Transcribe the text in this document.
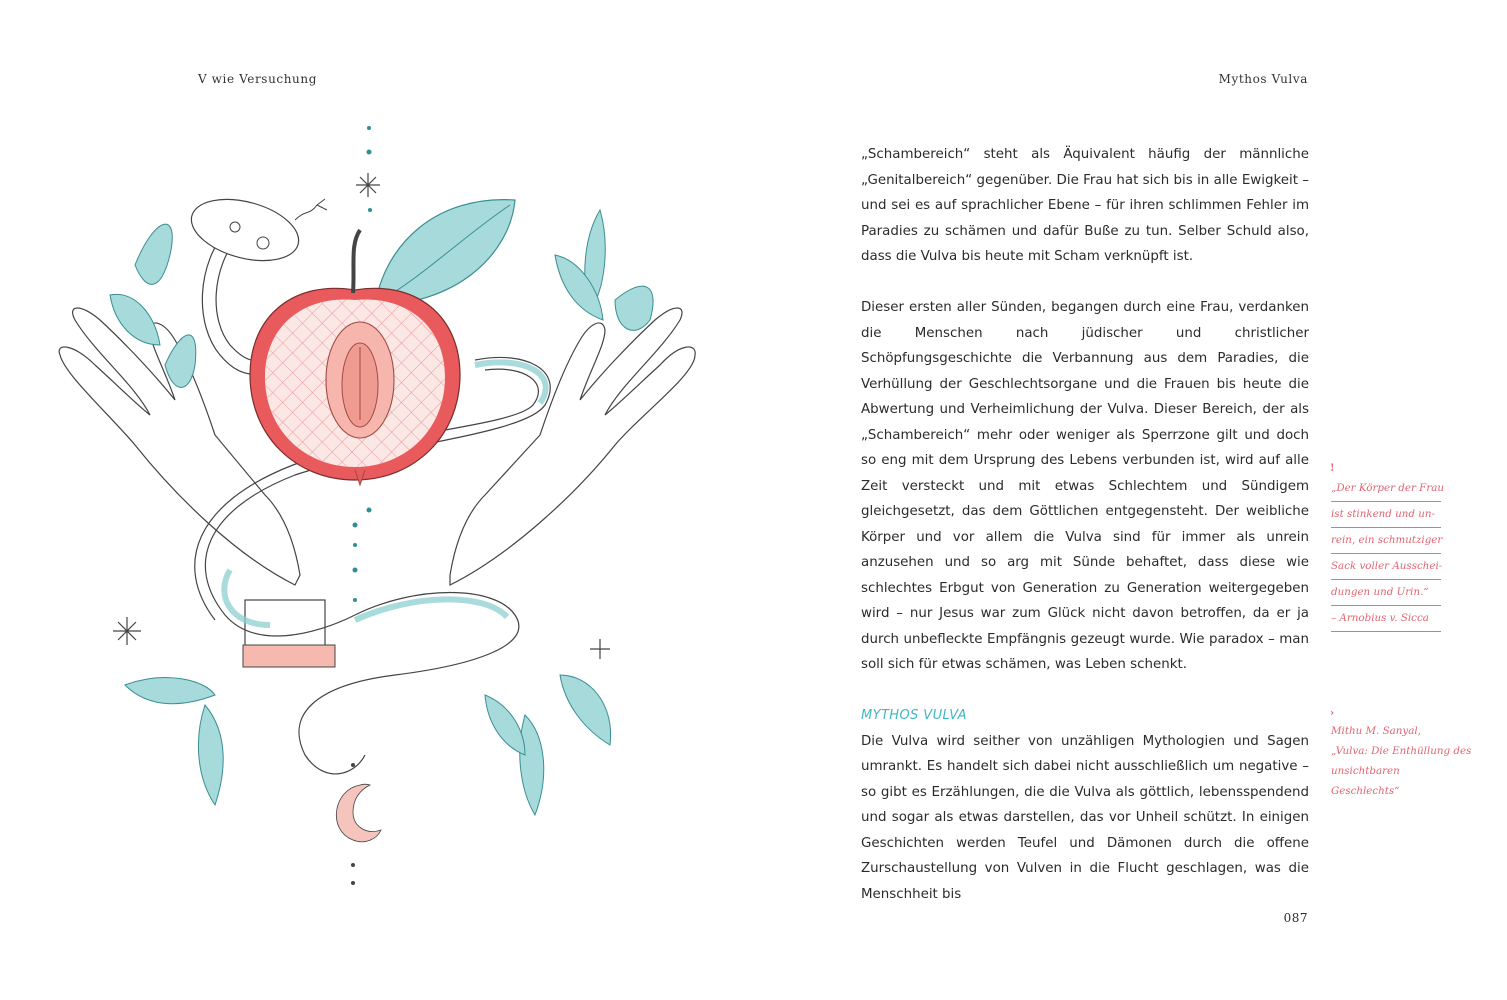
V wie Versuchung	Mythos Vulva

„Schambereich“ steht als Äquivalent häufig der männliche „Genitalbereich“ gegenüber. Die Frau hat sich bis in alle Ewigkeit – und sei es auf sprachlicher Ebene – für ihren schlimmen Fehler im Paradies zu schämen und dafür Buße zu tun. Selber Schuld also, dass die Vulva bis heute mit Scham verknüpft ist.

Dieser ersten aller Sünden, begangen durch eine Frau, verdanken die Menschen nach jüdischer und christlicher Schöpfungsgeschichte die Verbannung aus dem Paradies, die Verhüllung der Geschlechtsorgane und die Frauen bis heute die Abwertung und Verheimlichung der Vulva. Dieser Bereich, der als „Schambereich“ mehr oder weniger als Sperrzone gilt und doch so eng mit dem Ursprung des Lebens verbunden ist, wird auf alle Zeit versteckt und mit etwas Schlechtem und Sündigem gleichgesetzt, das dem Göttlichen entgegensteht. Der weibliche Körper und vor allem die Vulva sind für immer als unrein anzusehen und so arg mit Sünde behaftet, dass diese wie schlechtes Erbgut von Generation zu Generation weitergegeben wird – nur Jesus war zum Glück nicht davon betroffen, da er ja durch unbefleckte Empfängnis gezeugt wurde. Wie paradox – man soll sich für etwas schämen, was Leben schenkt.

MYTHOS VULVA

Die Vulva wird seither von unzähligen Mythologien und Sagen umrankt. Es handelt sich dabei nicht ausschließlich um negative – so gibt es Erzählungen, die die Vulva als göttlich, lebensspendend und sogar als etwas darstellen, das vor Unheil schützt. In einigen Geschichten werden Teufel und Dämonen durch die offene Zurschaustellung von Vulven in die Flucht geschlagen, was die Menschheit bis

!
„Der Körper der Frau
ist stinkend und un-
rein, ein schmutziger
Sack voller Ausschei-
dungen und Urin.“
– Arnobius v. Sicca
›
Mithu M. Sanyal,
„Vulva: Die Enthüllung des
unsichtbaren
Geschlechts“
087
